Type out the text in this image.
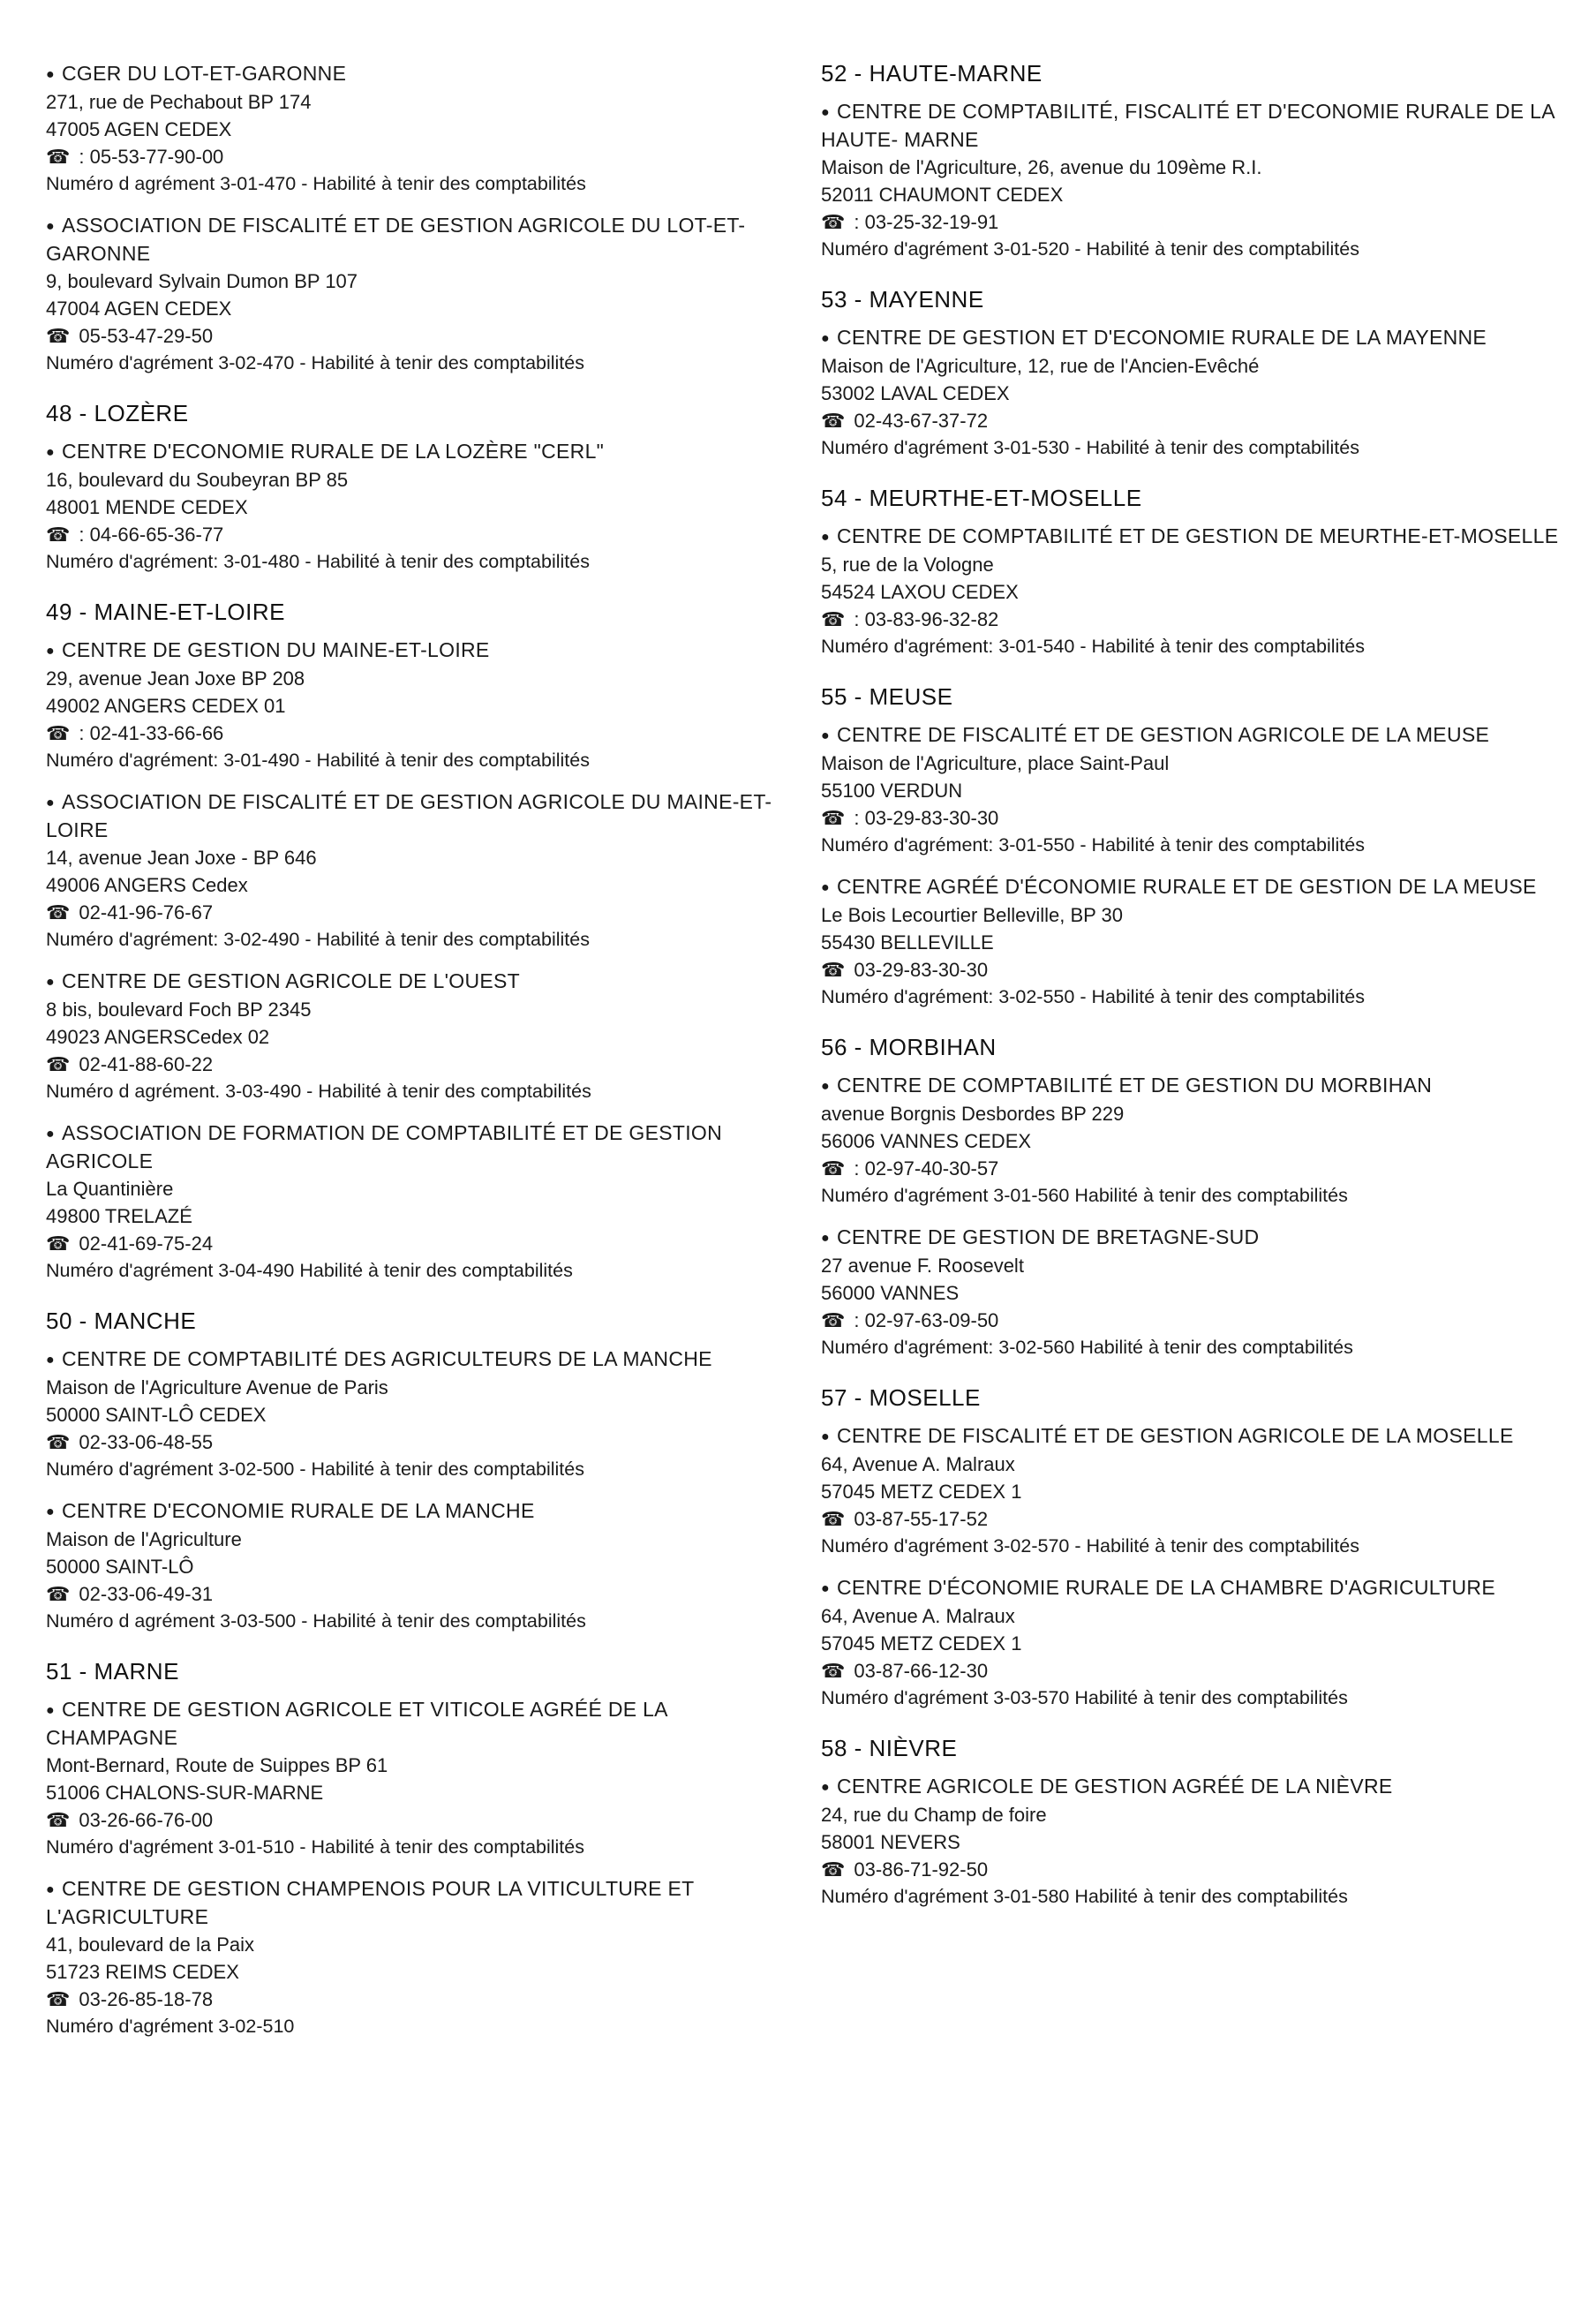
● CGER DU LOT-ET-GARONNE
271, rue de Pechabout BP 174
47005 AGEN CEDEX
☎ : 05-53-77-90-00
Numéro d agrément 3-01-470 - Habilité à tenir des comptabilités
● ASSOCIATION DE FISCALITÉ ET DE GESTION AGRICOLE DU LOT-ET-GARONNE
9, boulevard Sylvain Dumon BP 107
47004 AGEN CEDEX
☎ 05-53-47-29-50
Numéro d'agrément 3-02-470 - Habilité à tenir des comptabilités
48 - LOZÈRE
● CENTRE D'ECONOMIE RURALE DE LA LOZÈRE "CERL"
16, boulevard du Soubeyran BP 85
48001 MENDE CEDEX
☎ : 04-66-65-36-77
Numéro d'agrément: 3-01-480 - Habilité à tenir des comptabilités
49 - MAINE-ET-LOIRE
● CENTRE DE GESTION DU MAINE-ET-LOIRE
29, avenue Jean Joxe BP 208
49002 ANGERS CEDEX 01
☎ : 02-41-33-66-66
Numéro d'agrément: 3-01-490 - Habilité à tenir des comptabilités
● ASSOCIATION DE FISCALITÉ ET DE GESTION AGRICOLE DU MAINE-ET-LOIRE
14, avenue Jean Joxe - BP 646
49006 ANGERS Cedex
☎ 02-41-96-76-67
Numéro d'agrément: 3-02-490 - Habilité à tenir des comptabilités
● CENTRE DE GESTION AGRICOLE DE L'OUEST
8 bis, boulevard Foch BP 2345
49023 ANGERSCedex 02
☎ 02-41-88-60-22
Numéro d agrément. 3-03-490 - Habilité à tenir des comptabilités
● ASSOCIATION DE FORMATION DE COMPTABILITÉ ET DE GESTION AGRICOLE
La Quantinière
49800 TRELAZÉ
☎ 02-41-69-75-24
Numéro d'agrément 3-04-490 Habilité à tenir des comptabilités
50 - MANCHE
● CENTRE DE COMPTABILITÉ DES AGRICULTEURS DE LA MANCHE
Maison de l'Agriculture Avenue de Paris
50000 SAINT-LÔ CEDEX
☎ 02-33-06-48-55
Numéro d'agrément 3-02-500 - Habilité à tenir des comptabilités
● CENTRE D'ECONOMIE RURALE DE LA MANCHE
Maison de l'Agriculture
50000 SAINT-LÔ
☎ 02-33-06-49-31
Numéro d agrément 3-03-500 - Habilité à tenir des comptabilités
51 - MARNE
● CENTRE DE GESTION AGRICOLE ET VITICOLE AGRÉÉ DE LA CHAMPAGNE
Mont-Bernard, Route de Suippes BP 61
51006 CHALONS-SUR-MARNE
☎ 03-26-66-76-00
Numéro d'agrément 3-01-510 - Habilité à tenir des comptabilités
● CENTRE DE GESTION CHAMPENOIS POUR LA VITICULTURE ET L'AGRICULTURE
41, boulevard de la Paix
51723 REIMS CEDEX
☎ 03-26-85-18-78
Numéro d'agrément 3-02-510
52 - HAUTE-MARNE
● CENTRE DE COMPTABILITÉ, FISCALITÉ ET D'ECONOMIE RURALE DE LA HAUTE- MARNE
Maison de l'Agriculture, 26, avenue du 109ème R.I.
52011 CHAUMONT CEDEX
☎ : 03-25-32-19-91
Numéro d'agrément 3-01-520 - Habilité à tenir des comptabilités
53 - MAYENNE
● CENTRE DE GESTION ET D'ECONOMIE RURALE DE LA MAYENNE
Maison de l'Agriculture, 12, rue de l'Ancien-Evêché
53002 LAVAL CEDEX
☎ 02-43-67-37-72
Numéro d'agrément 3-01-530 - Habilité à tenir des comptabilités
54 - MEURTHE-ET-MOSELLE
● CENTRE DE COMPTABILITÉ ET DE GESTION DE MEURTHE-ET-MOSELLE
5, rue de la Vologne
54524 LAXOU CEDEX
☎ : 03-83-96-32-82
Numéro d'agrément: 3-01-540 - Habilité à tenir des comptabilités
55 - MEUSE
● CENTRE DE FISCALITÉ ET DE GESTION AGRICOLE DE LA MEUSE
Maison de l'Agriculture, place Saint-Paul
55100 VERDUN
☎ : 03-29-83-30-30
Numéro d'agrément: 3-01-550 - Habilité à tenir des comptabilités
● CENTRE AGRÉÉ D'ÉCONOMIE RURALE ET DE GESTION DE LA MEUSE
Le Bois Lecourtier Belleville, BP 30
55430 BELLEVILLE
☎ 03-29-83-30-30
Numéro d'agrément: 3-02-550 - Habilité à tenir des comptabilités
56 - MORBIHAN
● CENTRE DE COMPTABILITÉ ET DE GESTION DU MORBIHAN
avenue Borgnis Desbordes BP 229
56006 VANNES CEDEX
☎ : 02-97-40-30-57
Numéro d'agrément 3-01-560 Habilité à tenir des comptabilités
● CENTRE DE GESTION DE BRETAGNE-SUD
27 avenue F. Roosevelt
56000 VANNES
☎ : 02-97-63-09-50
Numéro d'agrément: 3-02-560 Habilité à tenir des comptabilités
57 - MOSELLE
● CENTRE DE FISCALITÉ ET DE GESTION AGRICOLE DE LA MOSELLE
64, Avenue A. Malraux
57045 METZ CEDEX 1
☎ 03-87-55-17-52
Numéro d'agrément 3-02-570 - Habilité à tenir des comptabilités
● CENTRE D'ÉCONOMIE RURALE DE LA CHAMBRE D'AGRICULTURE
64, Avenue A. Malraux
57045 METZ CEDEX 1
☎ 03-87-66-12-30
Numéro d'agrément 3-03-570 Habilité à tenir des comptabilités
58 - NIÈVRE
● CENTRE AGRICOLE DE GESTION AGRÉÉ DE LA NIÈVRE
24, rue du Champ de foire
58001 NEVERS
☎ 03-86-71-92-50
Numéro d'agrément 3-01-580 Habilité à tenir des comptabilités
